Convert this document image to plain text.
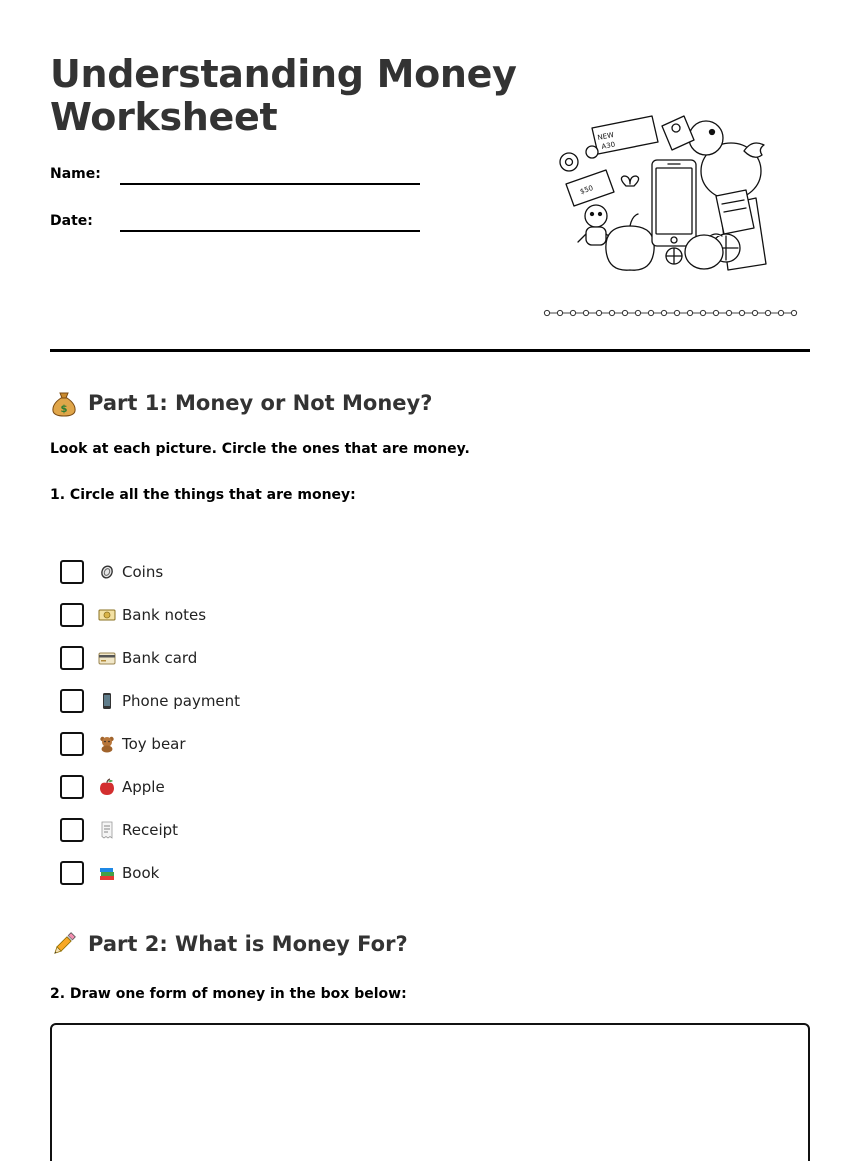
Understanding Money Worksheet
Name:
Date:
NEW
A30
$50
$ Part 1: Money or Not Money?

Look at each picture. Circle the ones that are money.

1. Circle all the things that are money:

Coins
Bank notes
Bank card
Phone payment
Toy bear
Apple
Receipt
Book
Part 2: What is Money For?

2. Draw one form of money in the box below:
